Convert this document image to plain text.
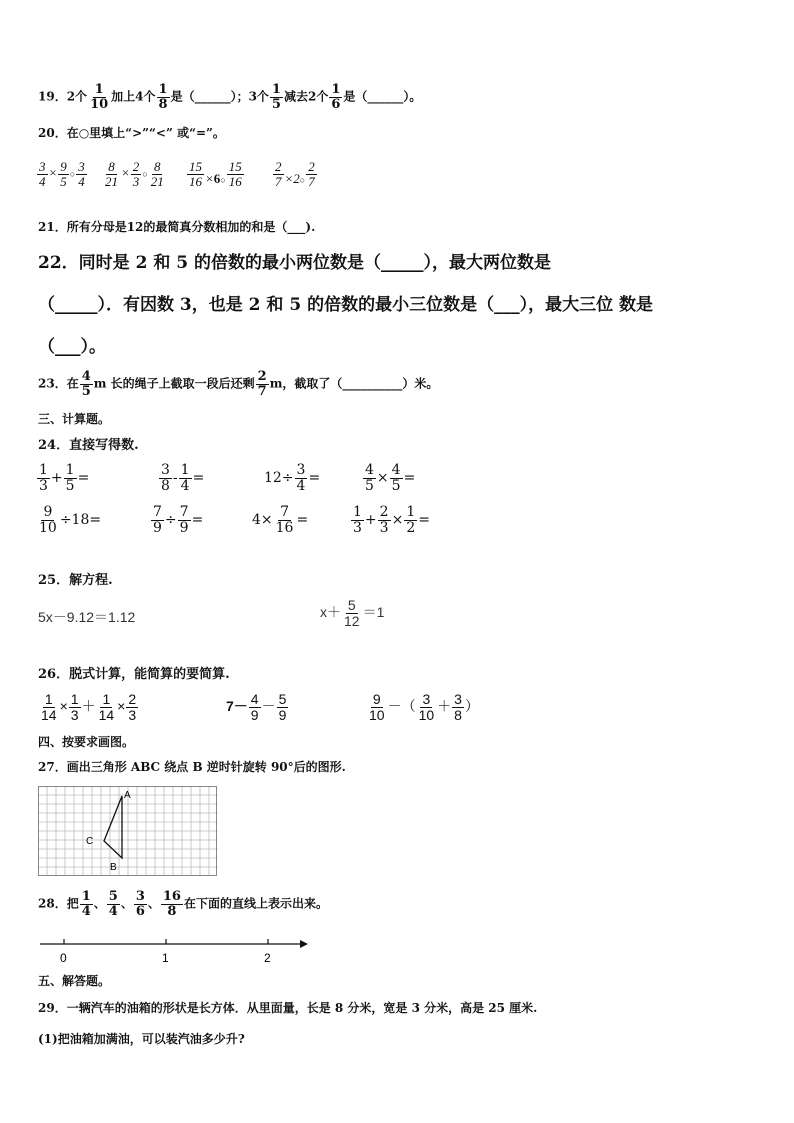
19．2个 $\frac{1}{10}$ 加上4个 $\frac{1}{8}$ 是（______）；3个 $\frac{1}{5}$ 减去2个 $\frac{1}{6}$ 是（______）。
20．在○里填上“>”“<” 或“=”。
$\frac{3}{4} \times \frac{9}{5}$ ○ $\frac{3}{4} \frac{8}{21} \times \frac{2}{3}$ ○ $\frac{8}{21} \frac{15}{16}$ ×6○ $\frac{15}{16} \frac{2}{7}$ ×2○ $\frac{2}{7}$
21．所有分母是12的最简真分数相加的和是（___).
22．同时是 2 和 5 的倍数的最小两位数是（_____），最大两位数是
（_____）．有因数 3，也是 2 和 5 的倍数的最小三位数是（___），最大三位 数是
（___）。
23．在 $\frac{4}{5}$ m 长的绳子上截取一段后还剩 $\frac{2}{7}$ m，截取了（__________）米。
三、计算题。
24．直接写得数.
$\frac{1}{3} + \frac{1}{5}$ =	$\frac{3}{8} - \frac{1}{4}$ =	$12\div \frac{3}{4}$ =	$\frac{4}{5} \times \frac{4}{5}$ =
$\frac{9}{10} \div 18=$	$\frac{7}{9} \div \frac{7}{9}$ =	$4\times \frac{7}{16}$ =	$\frac{1}{3} + \frac{2}{3} \times \frac{1}{2}$ =
25．解方程.
5x－9.12＝1.12	$x+ \frac{5}{12} =1$
26．脱式计算，能简算的要简算.
$\frac{1}{14} \times \frac{1}{3} + \frac{1}{14} \times \frac{2}{3}$	$7- \frac{4}{9} - \frac{5}{9}$	$\frac{9}{10}$ －（ $\frac{3}{10} + \frac{3}{8}$ ）
四、按要求画图。
27．画出三角形 ABC 绕点 B 逆时针旋转 90°后的图形.
A
B
C
28．把 $\frac{1}{4}$ 、 $\frac{5}{4}$ 、 $\frac{3}{6}$ 、 $\frac{16}{8}$ 在下面的直线上表示出来。
0	1	2
五、解答题。
29．一辆汽车的油箱的形状是长方体．从里面量，长是 8 分米，宽是 3 分米，高是 25 厘米.
(1)把油箱加满油，可以装汽油多少升?
